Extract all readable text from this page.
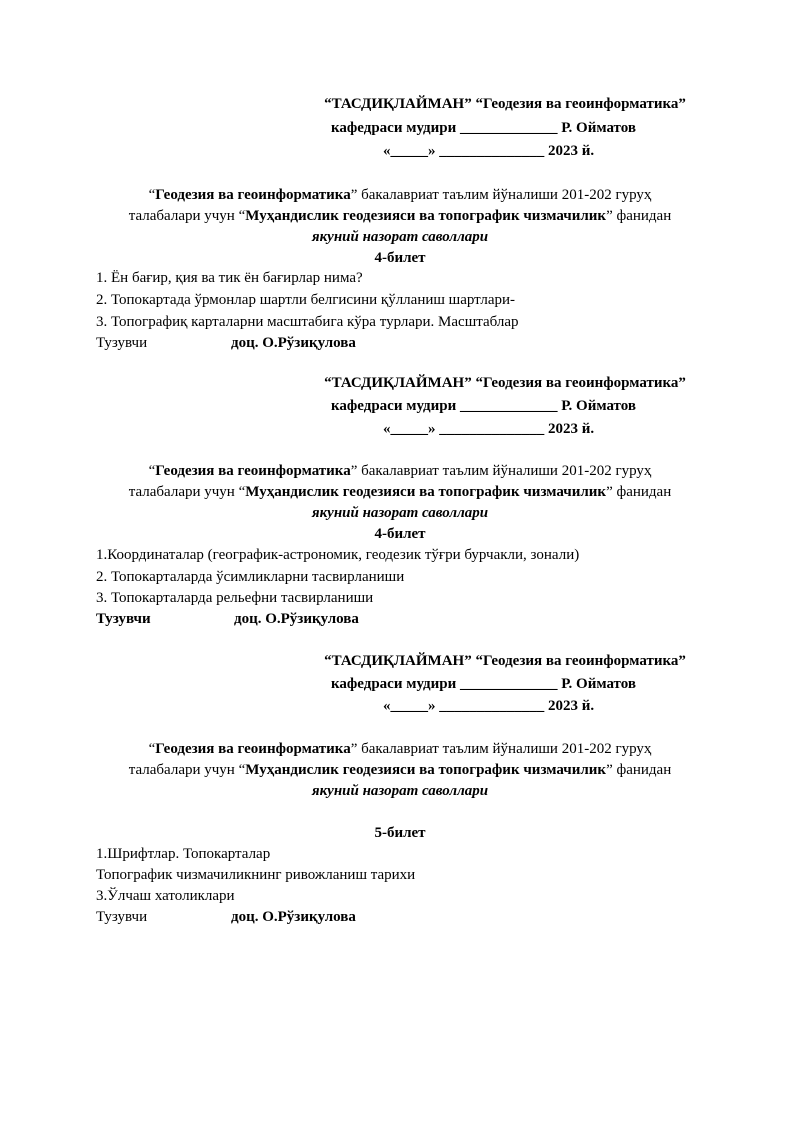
“ТАСДИҚЛАЙМАН” “Геодезия ва геоинформатика”
кафедраси мудири _____________ Р. Ойматов
«_____» ______________ 2023 й.
“Геодезия ва геоинформатика” бакалавриат таълим йўналиши 201-202 гуруҳ
талабалари учун “Муҳандислик геодезияси ва топографик чизмачилик” фанидан
якуний назорат саволлари
4-билет
1. Ён бағир, қия ва тик ён бағирлар нима?
2. Топокартада ўрмонлар шартли белгисини қўлланиш шартлари-
3. Топографиқ карталарни масштабига кўра турлари. Масштаблар
Тузувчи	доц. О.Рўзиқулова
“ТАСДИҚЛАЙМАН” “Геодезия ва геоинформатика”
кафедраси мудири _____________ Р. Ойматов
«_____» ______________ 2023 й.
“Геодезия ва геоинформатика” бакалавриат таълим йўналиши 201-202 гуруҳ
талабалари учун “Муҳандислик геодезияси ва топографик чизмачилик” фанидан
якуний назорат саволлари
4-билет
1.Координаталар (географик-астрономик, геодезик тўғри бурчакли, зонали)
2. Топокарталарда ўсимликларни тасвирланиши
3. Топокарталарда рельефни тасвирланиши
Тузувчи	доц. О.Рўзиқулова
“ТАСДИҚЛАЙМАН” “Геодезия ва геоинформатика”
кафедраси мудири _____________ Р. Ойматов
«_____» ______________ 2023 й.
“Геодезия ва геоинформатика” бакалавриат таълим йўналиши 201-202 гуруҳ
талабалари учун “Муҳандислик геодезияси ва топографик чизмачилик” фанидан
якуний назорат саволлари
5-билет
1.Шрифтлар. Топокарталар
Топографик чизмачиликнинг ривожланиш тарихи
3.Ўлчаш хатоликлари
Тузувчи	доц. О.Рўзиқулова
